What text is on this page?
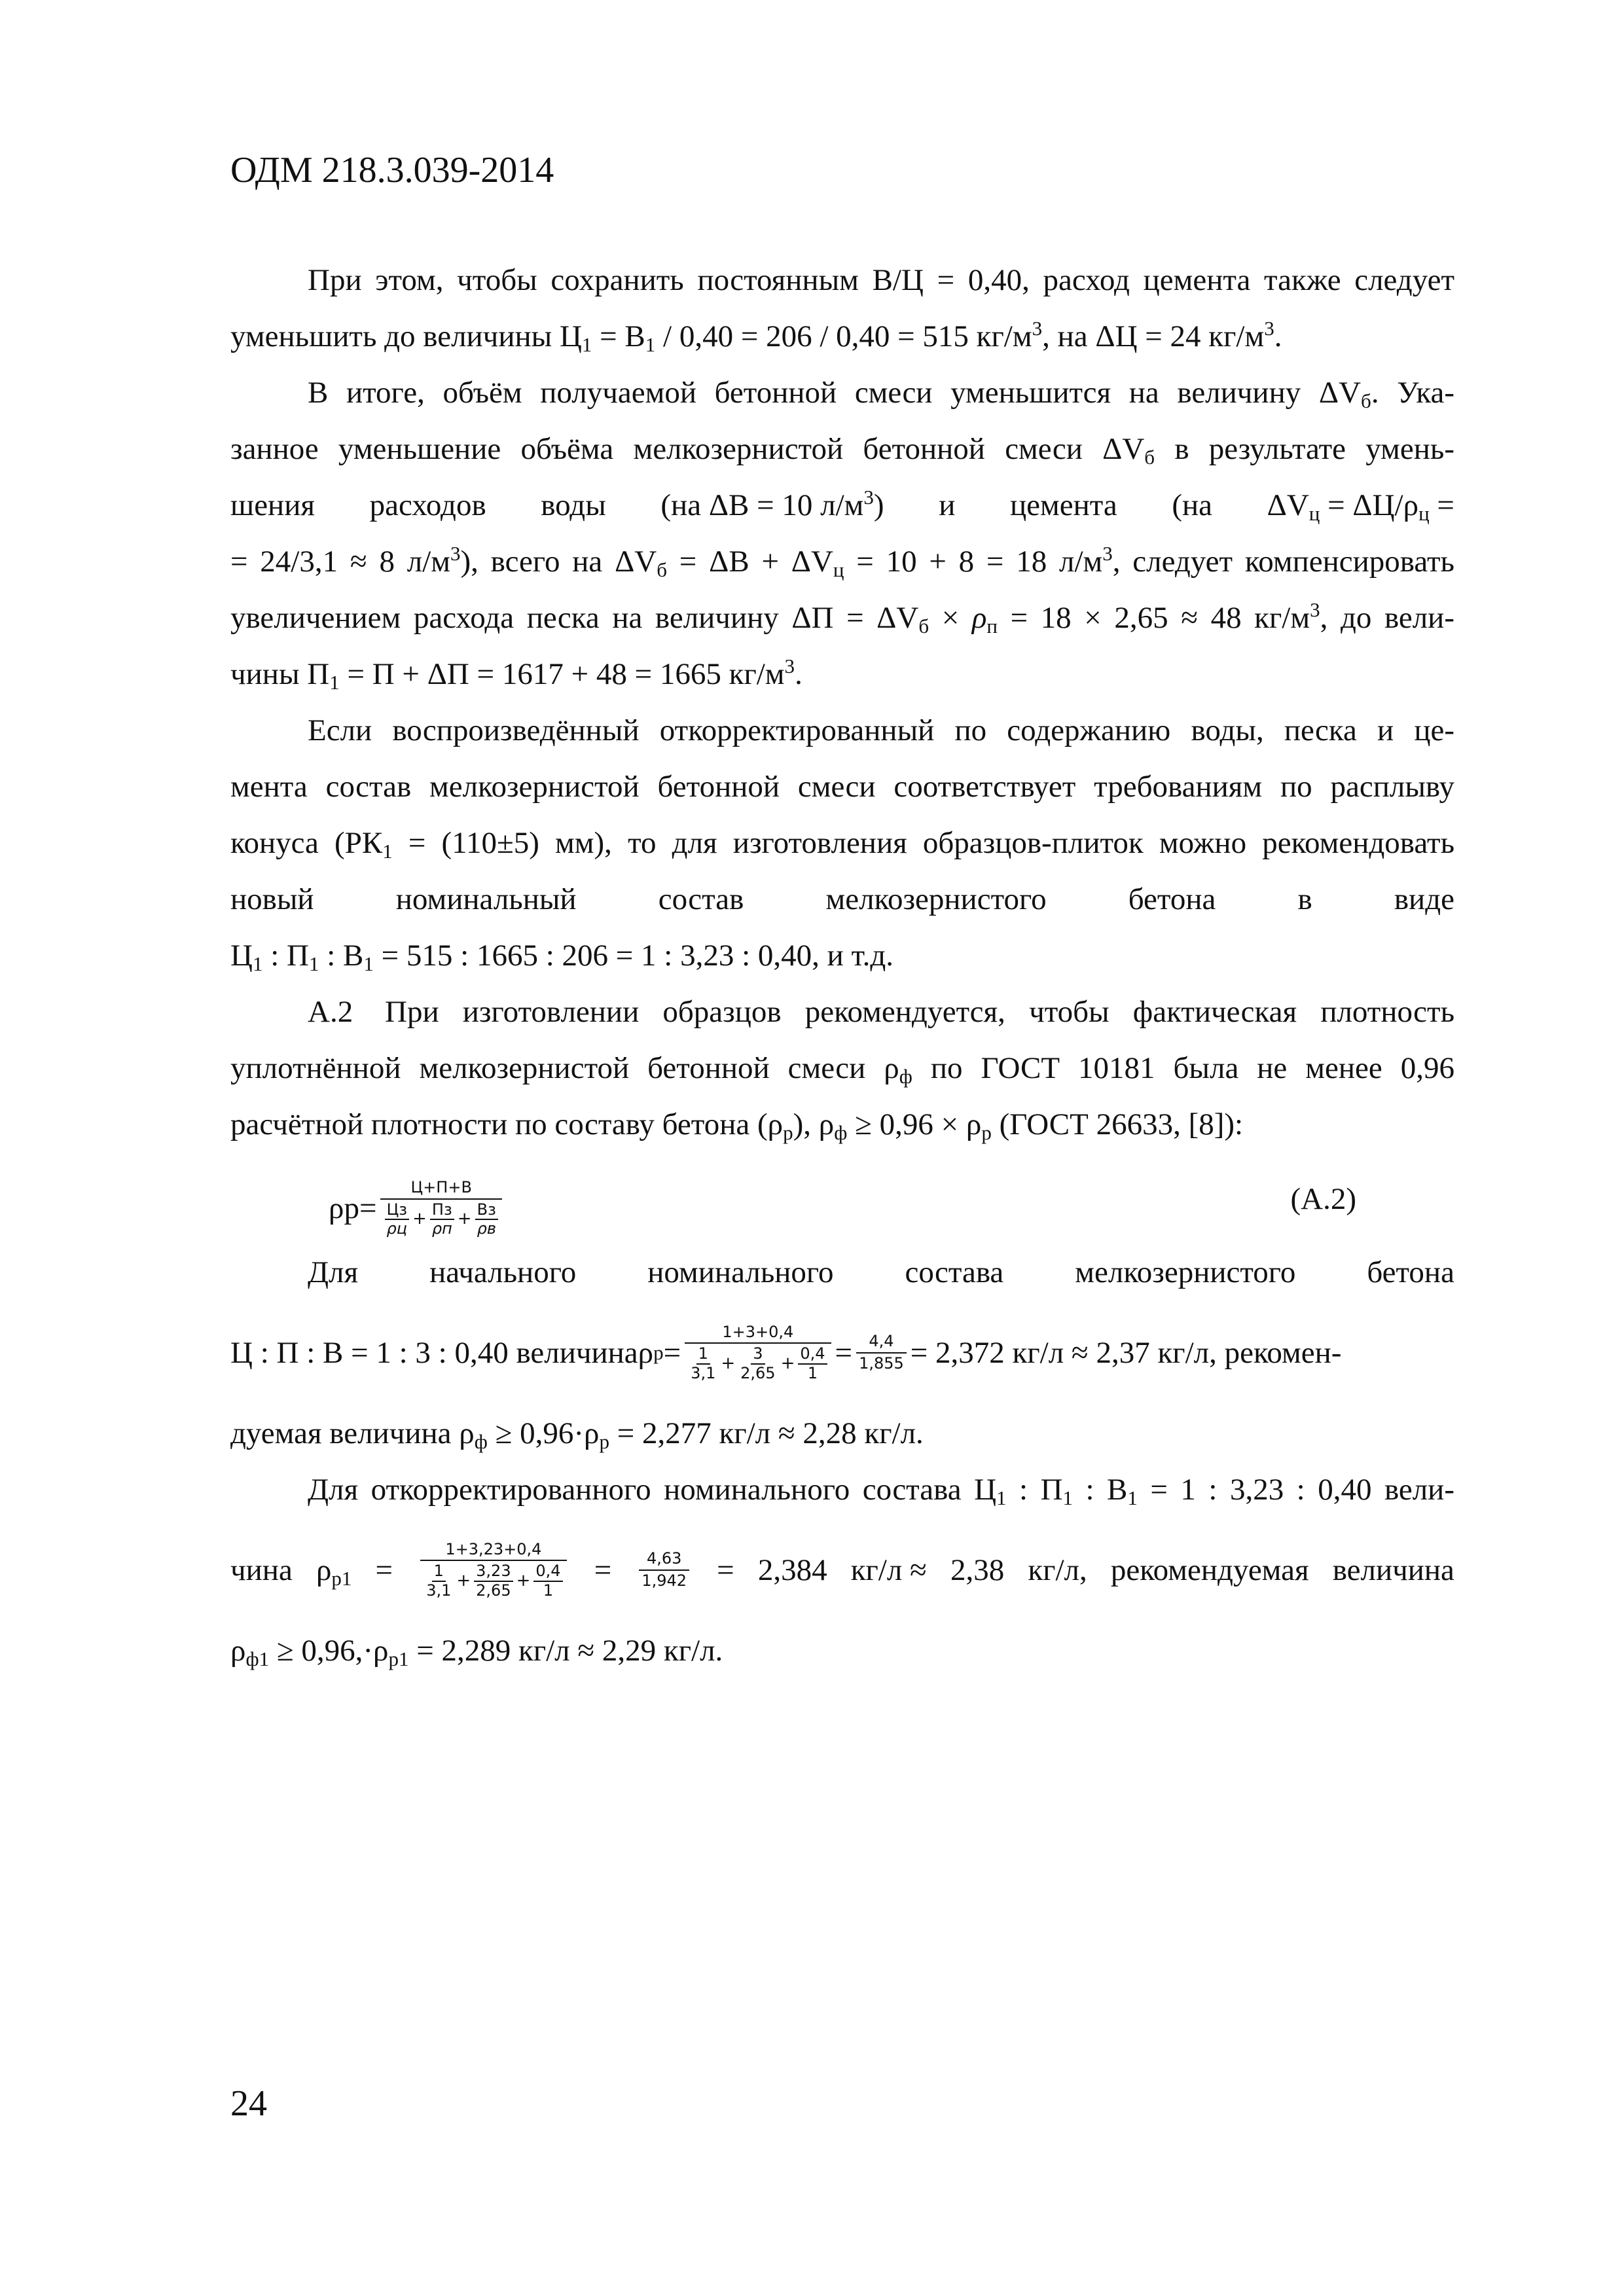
ОДМ 218.3.039-2014
При этом, чтобы сохранить постоянным В/Ц = 0,40, расход цемента также следует
уменьшить до величины $Ц_1 = В_1 / 0,40 = 206 / 0,40 = 515$ $кг/м^3$, на ΔЦ = 24 $кг/м^3$.
В итоге, объём получаемой бетонной смеси уменьшится на величину $\Delta V_б$. Ука-
занное уменьшение объёма мелкозернистой бетонной смеси $\Delta V_б$ в результате умень-
шения расходов воды (на ΔВ = 10 $л/м^3$) и цемента (на $\Delta V_ц = \Delta Ц/\rho_ц$ =
= 24/3,1 ≈ 8 $л/м^3$), всего на $\Delta V_б = \Delta В + \Delta V_ц = 10 + 8 = 18$ $л/м^3$, следует компенсировать
увеличением расхода песка на величину $\Delta П = \Delta V_б \times \rho_п = 18 \times 2,65 \approx 48$ $кг/м^3$, до вели-
чины $П_1 = П + \Delta П = 1617 + 48 = 1665$ $кг/м^3$.
Если воспроизведённый откорректированный по содержанию воды, песка и це-
мента состав мелкозернистой бетонной смеси соответствует требованиям по расплыву
конуса ($РК_1 = (110\pm 5)$ мм), то для изготовления образцов-плиток можно рекомендовать
новый	номинальный	состав	мелкозернистого	бетона	в	виде
$Ц_1$ : $П_1$ : $В_1 = 515$ : 1665 : 206 = 1 : 3,23 : 0,40, и т.д.
А.2 При изготовлении образцов рекомендуется, чтобы фактическая плотность
уплотнённой мелкозернистой бетонной смеси $\rho_ф$ по ГОСТ 10181 была не менее 0,96
расчётной плотности по составу бетона $(\rho_р)$, $\rho_ф \ge 0,96 \times \rho_р$ (ГОСТ 26633, [8]):
ρ р =
Ц+П+В
Цз
ρц + Пз
ρп + Вз
ρв
(А.2)
Для начального номинального состава мелкозернистого бетона
Ц : П : В = 1 : 3 : 0,40 величина ρ р = 1+3+0,4
1
$3,1 + \frac{3}{2,65} + \frac{0,4}{1} = \frac{4,4}{1,855} = 2,372$ кг/л ≈ 2,37 кг/л, рекомен-
дуемая величина $\rho_ф \ge 0,96\cdot\rho_р = 2,277$ кг/л ≈ 2,28 кг/л.
Для откорректированного номинального состава $Ц_1$ : $П_1$ : $В_1 = 1$ : 3,23 : 0,40 вели-
чина $\rho_{р1}$ =
1+3,23+0,4
1
$3,1 + \frac{3,23}{2,65} + \frac{0,4}{1} = \frac{4,63}{1,942} = 2,384$ кг/л ≈ 2,38 кг/л, рекомендуемая величина
$\rho_{ф1} \ge 0,96,\cdot\rho_{р1} = 2,289$ кг/л ≈ 2,29 кг/л.
24
